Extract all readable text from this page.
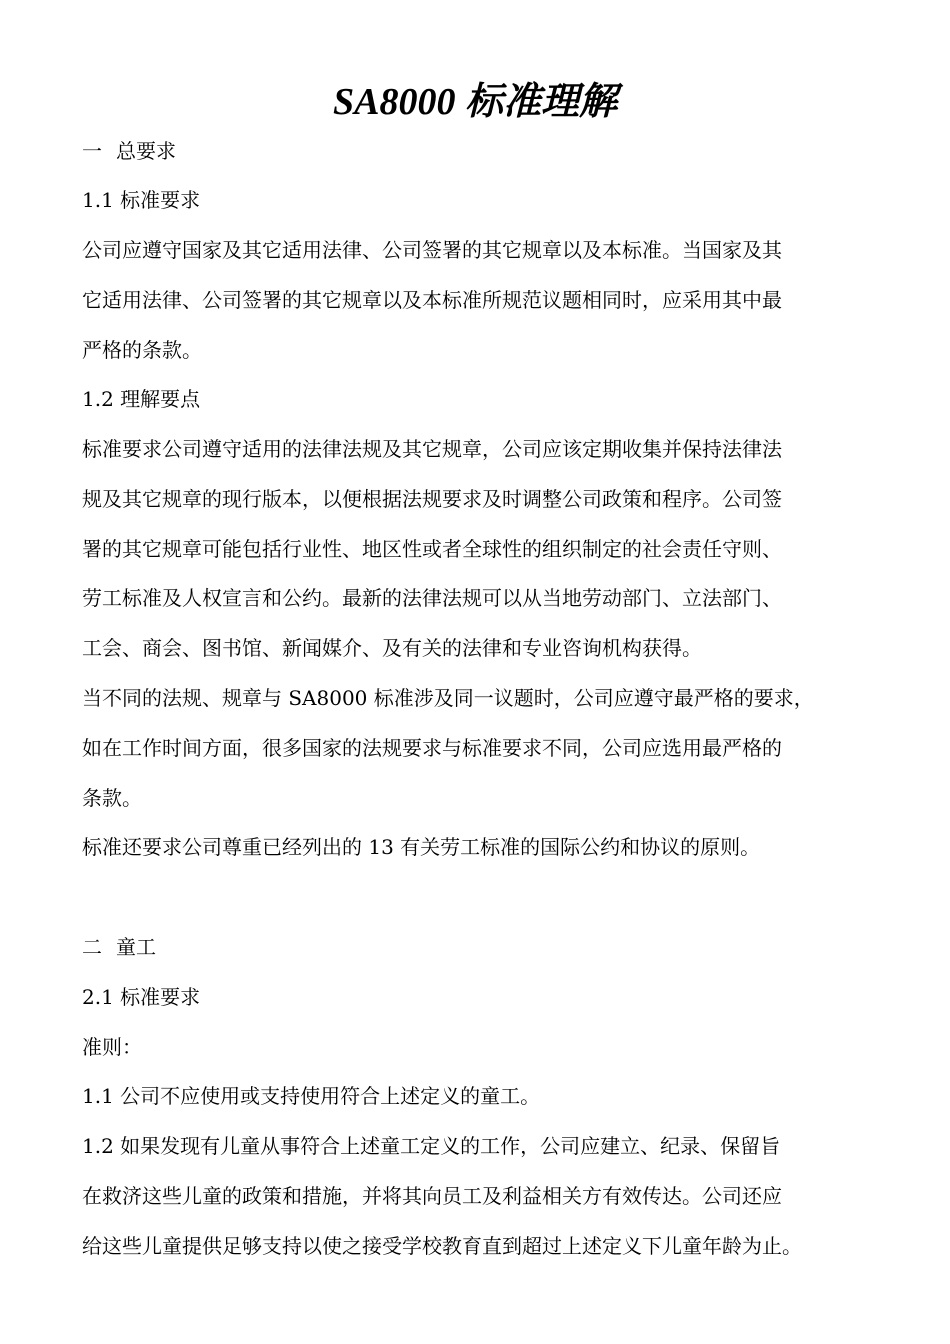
SA8000 标准理解
一 总要求
1.1 标准要求
公司应遵守国家及其它适用法律、公司签署的其它规章以及本标准。当国家及其
它适用法律、公司签署的其它规章以及本标准所规范议题相同时，应采用其中最
严格的条款。
1.2 理解要点
标准要求公司遵守适用的法律法规及其它规章，公司应该定期收集并保持法律法
规及其它规章的现行版本，以便根据法规要求及时调整公司政策和程序。公司签
署的其它规章可能包括行业性、地区性或者全球性的组织制定的社会责任守则、
劳工标准及人权宣言和公约。最新的法律法规可以从当地劳动部门、立法部门、
工会、商会、图书馆、新闻媒介、及有关的法律和专业咨询机构获得。
当不同的法规、规章与 SA8000 标准涉及同一议题时，公司应遵守最严格的要求，
如在工作时间方面，很多国家的法规要求与标准要求不同，公司应选用最严格的
条款。
标准还要求公司尊重已经列出的 13 有关劳工标准的国际公约和协议的原则。
二 童工
2.1 标准要求
准则：
1.1 公司不应使用或支持使用符合上述定义的童工。
1.2 如果发现有儿童从事符合上述童工定义的工作，公司应建立、纪录、保留旨
在救济这些儿童的政策和措施，并将其向员工及利益相关方有效传达。公司还应
给这些儿童提供足够支持以使之接受学校教育直到超过上述定义下儿童年龄为止。
